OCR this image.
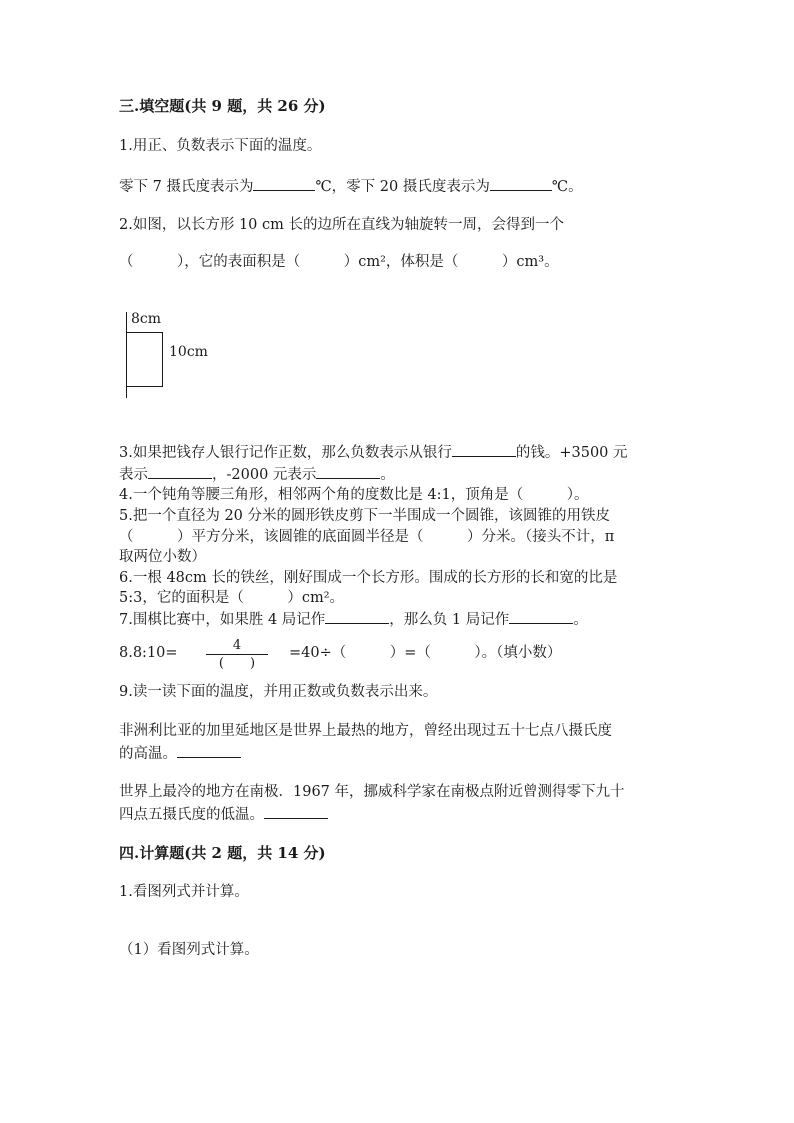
三.填空题(共 9 题，共 26 分)
1.用正、负数表示下面的温度。
零下 7 摄氏度表示为	℃，零下 20 摄氏度表示为	℃。
2.如图，以长方形 10 cm 长的边所在直线为轴旋转一周，会得到一个
（　　　），它的表面积是（　　　）cm²，体积是（　　　）cm³。
8cm
10cm
3.如果把钱存人银行记作正数，那么负数表示从银行	的钱。+3500 元
表示	，-2000 元表示	。
4.一个钝角等腰三角形，相邻两个角的度数比是 4:1，顶角是（　　　）。
5.把一个直径为 20 分米的圆形铁皮剪下一半围成一个圆锥，该圆锥的用铁皮
（　　　）平方分米，该圆锥的底面圆半径是（　　　）分米。（接头不计，π
取两位小数）
6.一根 48cm 长的铁丝，刚好围成一个长方形。围成的长方形的长和宽的比是
5:3，它的面积是（　　　）cm²。
7.围棋比赛中，如果胜 4 局记作	，那么负 1 局记作	。
8.8:10=	4
(　　)
=40÷（　　　）=（　　　）。（填小数）
9.读一读下面的温度，并用正数或负数表示出来。
非洲利比亚的加里延地区是世界上最热的地方，曾经出现过五十七点八摄氏度
的高温。
世界上最冷的地方在南极．1967 年，挪威科学家在南极点附近曾测得零下九十
四点五摄氏度的低温。
四.计算题(共 2 题，共 14 分)
1.看图列式并计算。
（1）看图列式计算。
